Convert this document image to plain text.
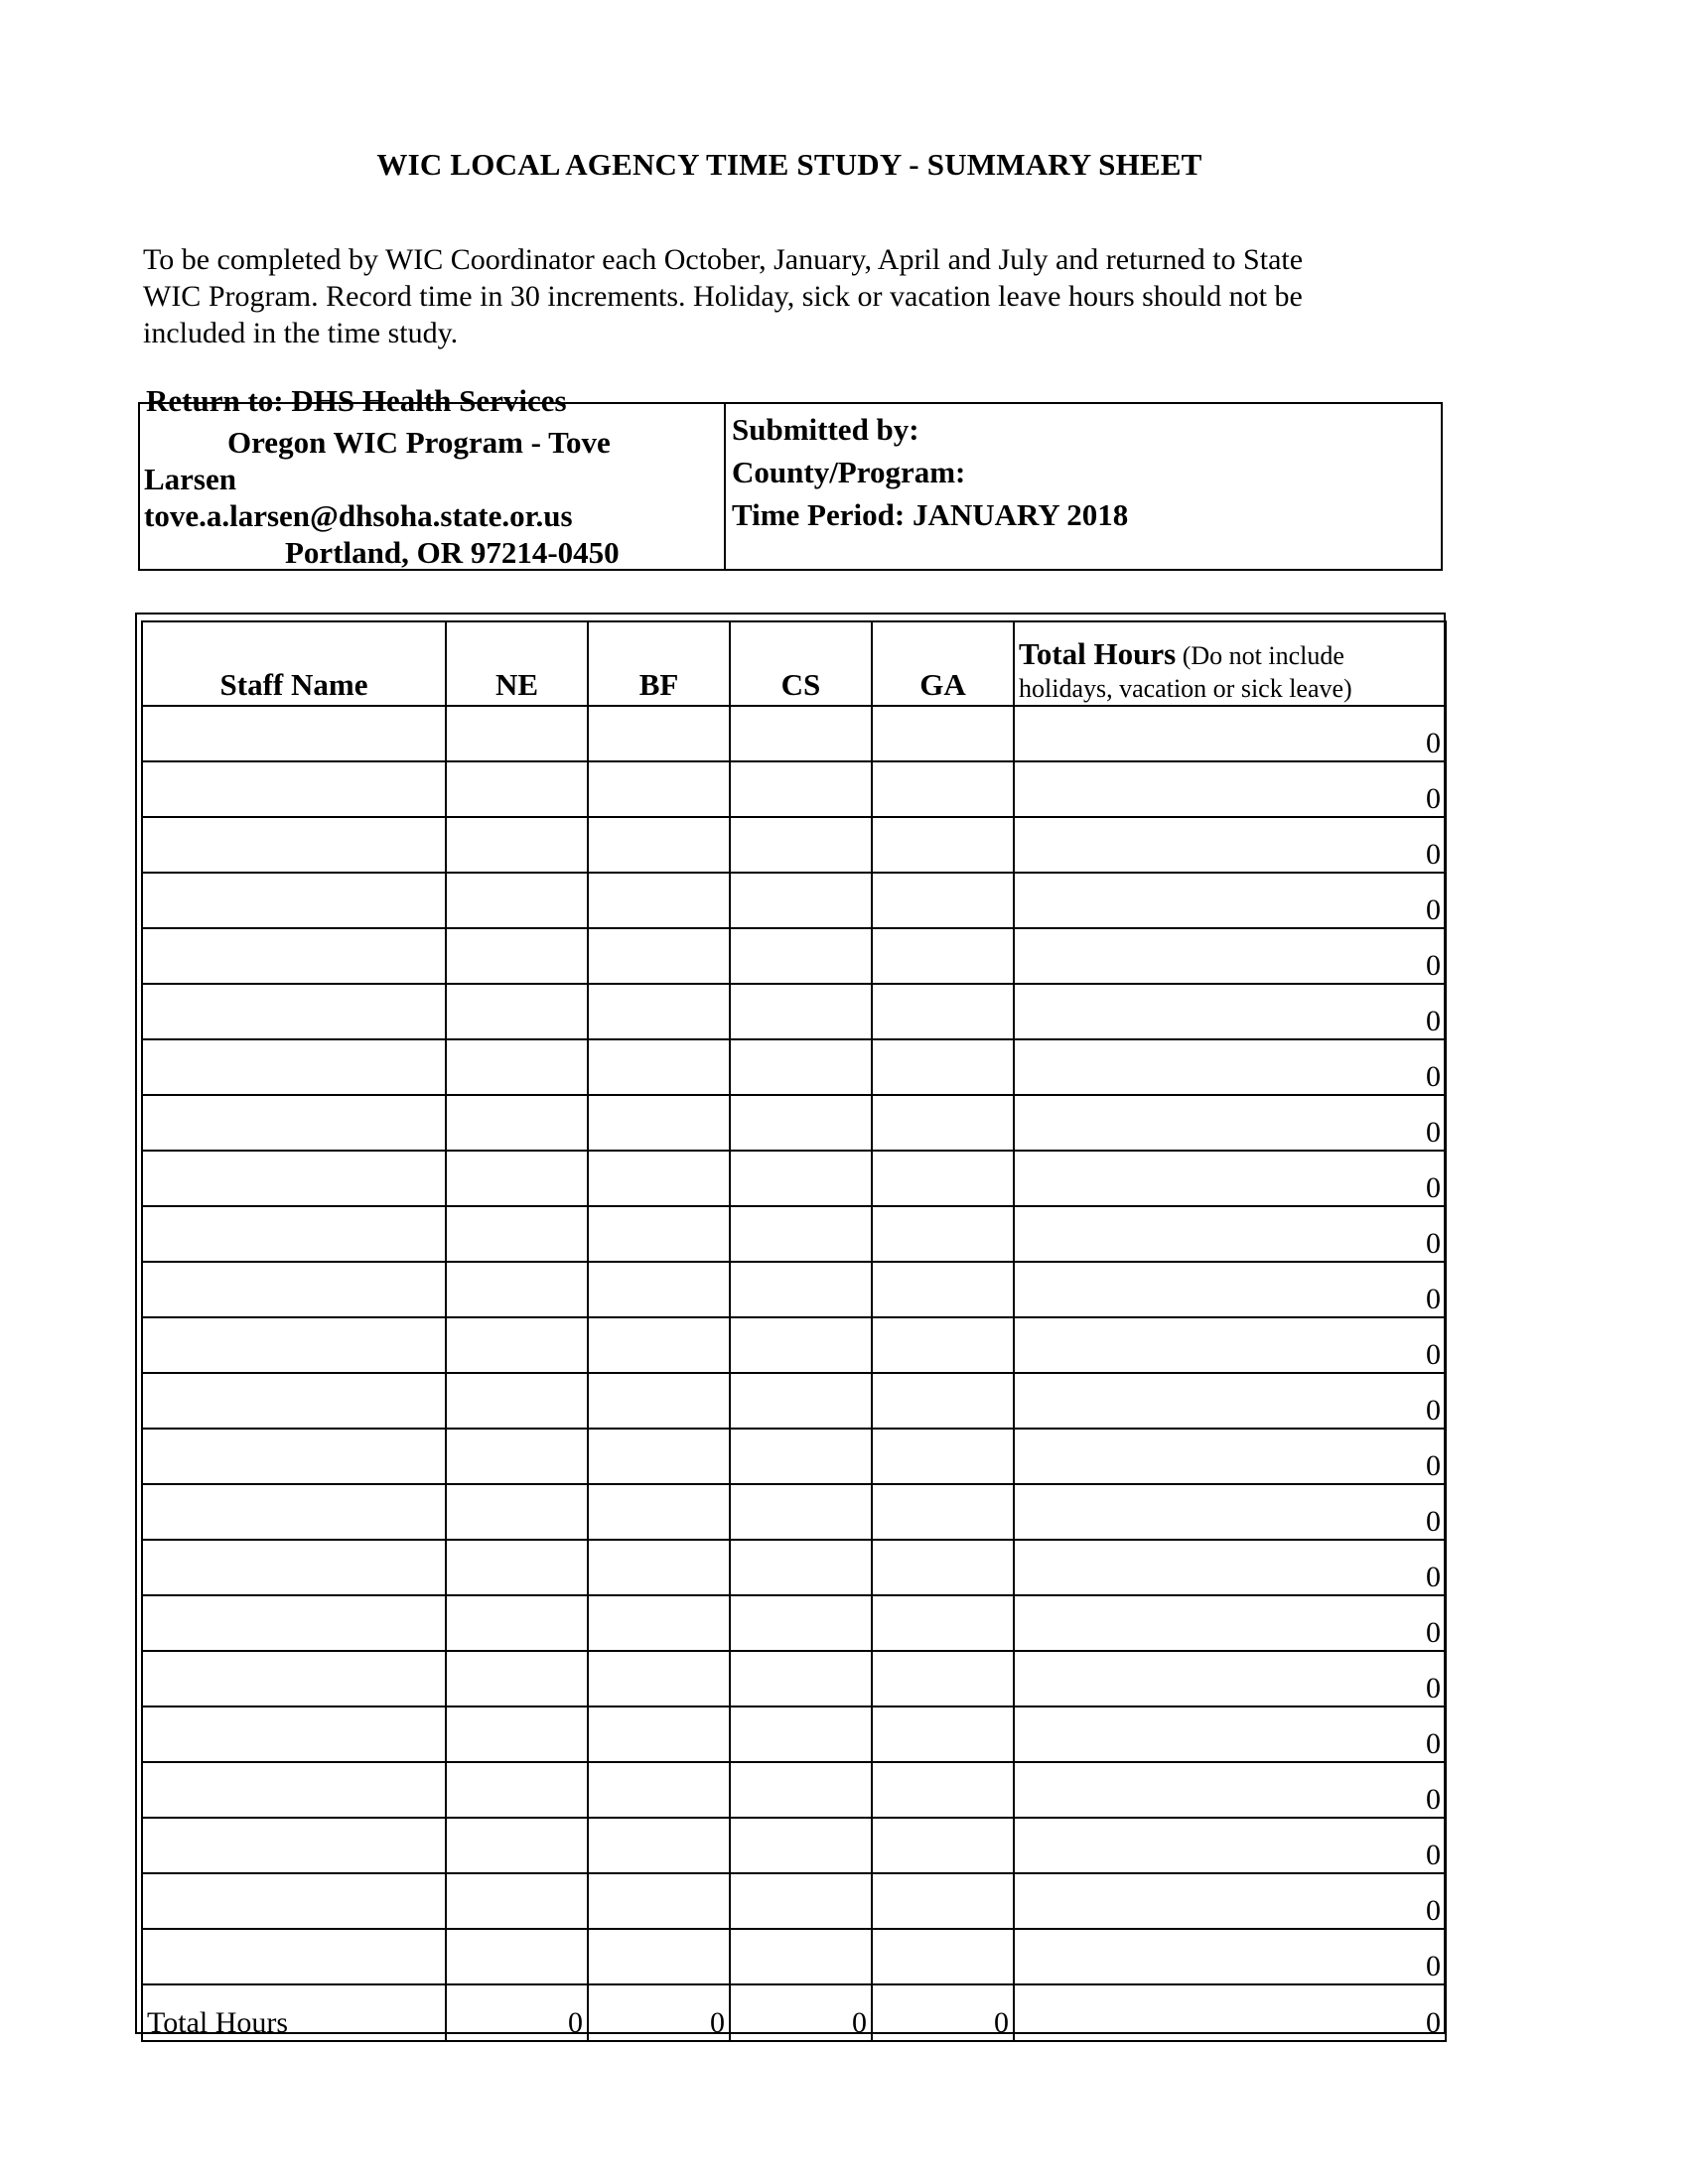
WIC LOCAL AGENCY TIME STUDY - SUMMARY SHEET
To be completed by WIC Coordinator each October, January, April and July and returned to State
WIC Program. Record time in 30 increments. Holiday, sick or vacation leave hours should not be
included in the time study.
Return to: DHS Health Services
Oregon WIC Program - Tove
Larsen
tove.a.larsen@dhsoha.state.or.us
Portland, OR 97214-0450
Submitted by:
County/Program:
Time Period: JANUARY 2018
Staff Name	NE	BF	CS	GA	Total Hours (Do not include holidays, vacation or sick leave)
					0
					0
					0
					0
					0
					0
					0
					0
					0
					0
					0
					0
					0
					0
					0
					0
					0
					0
					0
					0
					0
					0
					0
Total Hours	0	0	0	0	0
